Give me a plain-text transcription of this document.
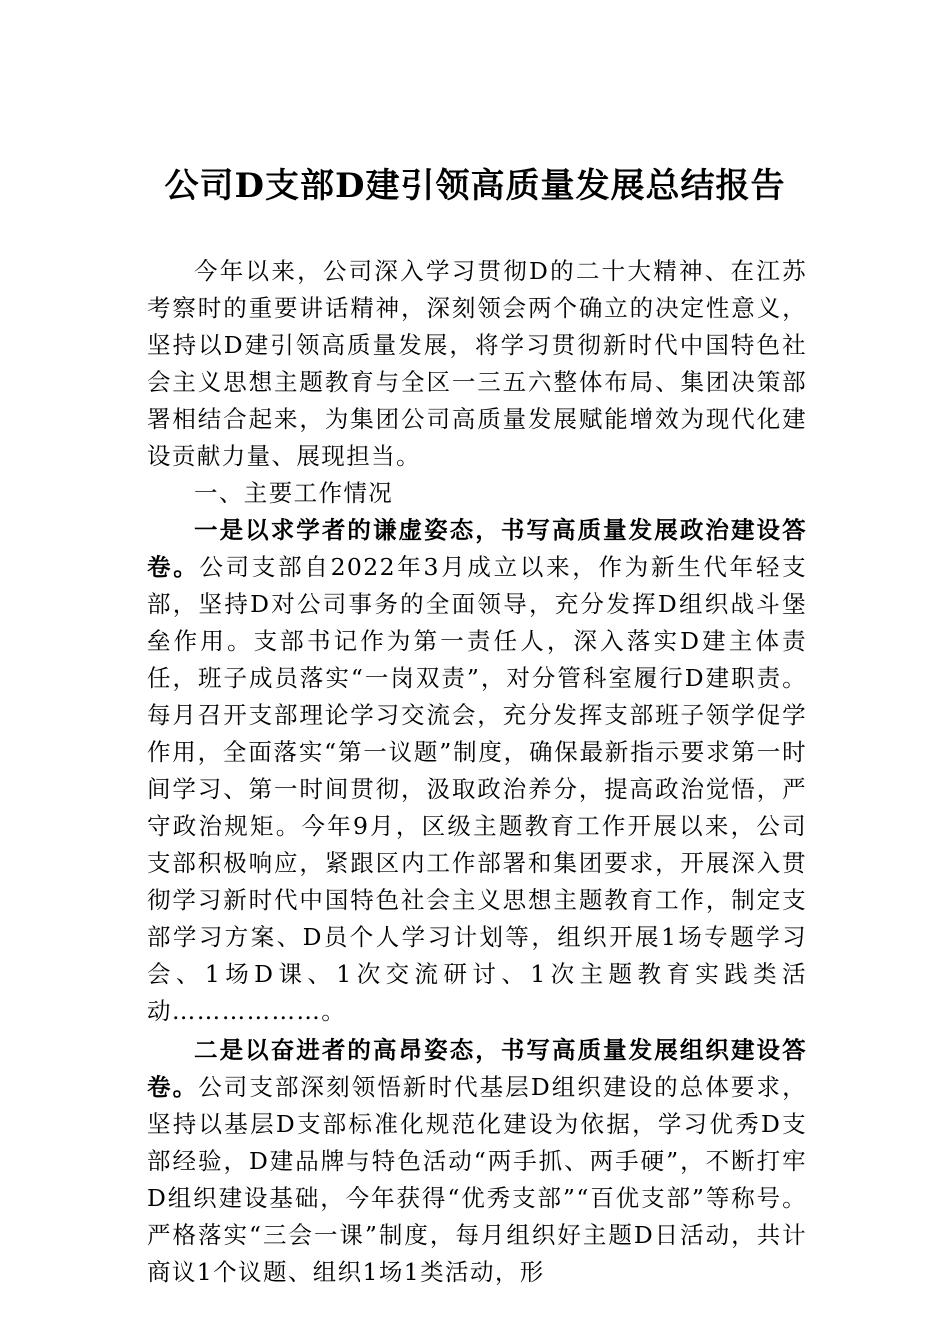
公司D支部D建引领高质量发展总结报告

今年以来，公司深入学习贯彻D的二十大精神、在江苏考察时的重要讲话精神，深刻领会两个确立的决定性意义，坚持以D建引领高质量发展，将学习贯彻新时代中国特色社会主义思想主题教育与全区一三五六整体布局、集团决策部署相结合起来，为集团公司高质量发展赋能增效为现代化建设贡献力量、展现担当。

一、主要工作情况

一是以求学者的谦虚姿态，书写高质量发展政治建设答卷。公司支部自2022年3月成立以来，作为新生代年轻支部，坚持D对公司事务的全面领导，充分发挥D组织战斗堡垒作用。支部书记作为第一责任人，深入落实D建主体责任，班子成员落实“一岗双责”，对分管科室履行D建职责。每月召开支部理论学习交流会，充分发挥支部班子领学促学作用，全面落实“第一议题”制度，确保最新指示要求第一时间学习、第一时间贯彻，汲取政治养分，提高政治觉悟，严守政治规矩。今年9月，区级主题教育工作开展以来，公司支部积极响应，紧跟区内工作部署和集团要求，开展深入贯彻学习新时代中国特色社会主义思想主题教育工作，制定支部学习方案、D员个人学习计划等，组织开展1场专题学习会、1场D课、1次交流研讨、1次主题教育实践类活动………………。

二是以奋进者的高昂姿态，书写高质量发展组织建设答卷。公司支部深刻领悟新时代基层D组织建设的总体要求，坚持以基层D支部标准化规范化建设为依据，学习优秀D支部经验，D建品牌与特色活动“两手抓、两手硬”，不断打牢D组织建设基础，今年获得“优秀支部”“百优支部”等称号。严格落实“三会一课”制度，每月组织好主题D日活动，共计商议1个议题、组织1场1类活动，形
